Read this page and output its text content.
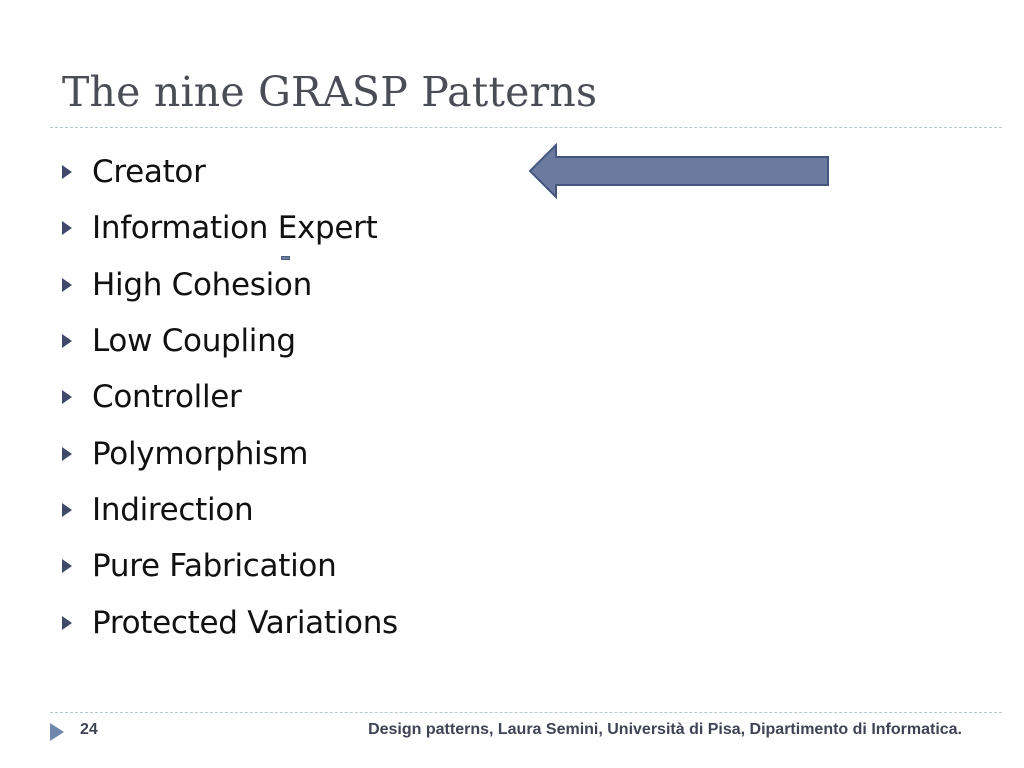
The nine GRASP Patterns
Creator
Information Expert
High Cohesion
Low Coupling
Controller
Polymorphism
Indirection
Pure Fabrication
Protected Variations
24	Design patterns, Laura Semini, Università di Pisa, Dipartimento di Informatica.
